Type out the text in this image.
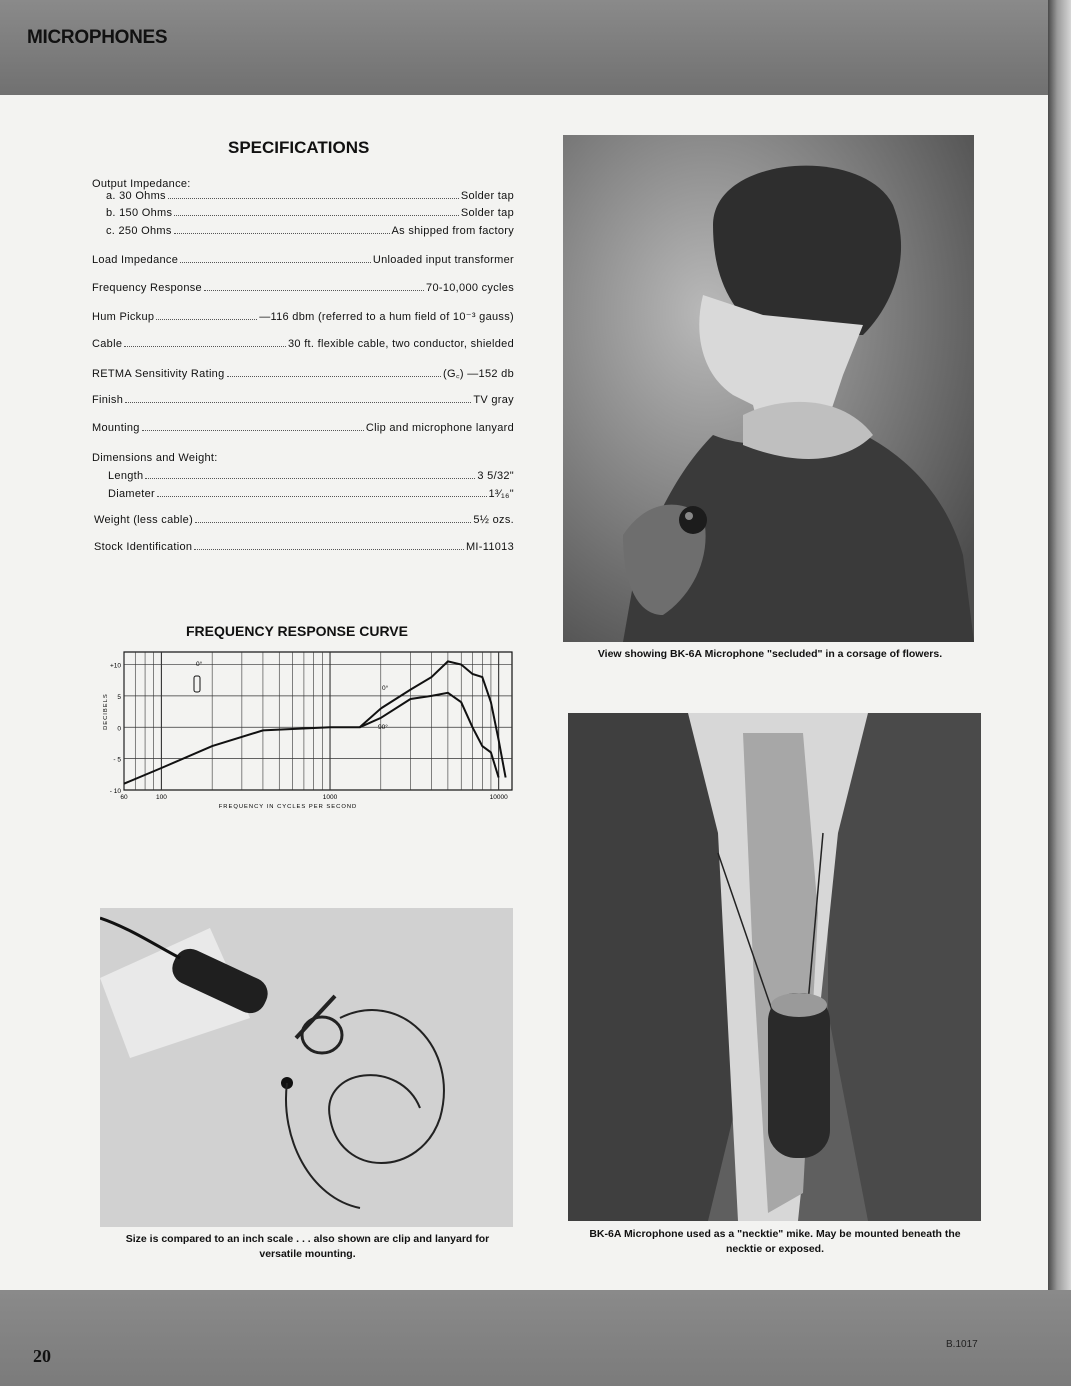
MICROPHONES
SPECIFICATIONS
Output Impedance:
a. 30 Ohms	Solder tap
b. 150 Ohms	Solder tap
c. 250 Ohms	As shipped from factory
Load Impedance	Unloaded input transformer
Frequency Response	70-10,000 cycles
Hum Pickup	—116 dbm (referred to a hum field of 10⁻³ gauss)
Cable	30 ft. flexible cable, two conductor, shielded
RETMA Sensitivity Rating	(G꜀) —152 db
Finish	TV gray
Mounting	Clip and microphone lanyard
Dimensions and Weight:
Length	3 5/32"
Diameter	1³⁄₁₆"
Weight (less cable)	5½ ozs.
Stock Identification	MI-11013
FREQUENCY RESPONSE CURVE
+10
5
0
- 5
- 10
60	100	1000	10000
FREQUENCY IN CYCLES PER SECOND
DECIBELS
0°
0°
90°
View showing BK-6A Microphone "secluded" in a corsage of flowers.
BK-6A Microphone used as a "necktie" mike. May be mounted beneath the necktie or exposed.
Size is compared to an inch scale . . . also shown are clip and lanyard for versatile mounting.
20
B.1017
